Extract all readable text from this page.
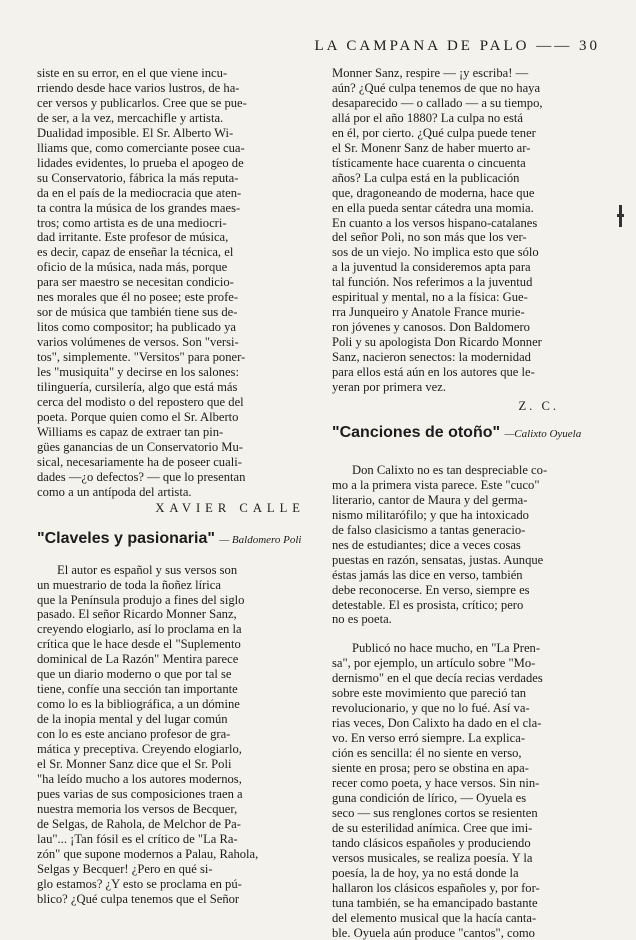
LA CAMPANA DE PALO —— 30
siste en su error, en el que viene incu-
rriendo desde hace varios lustros, de ha-
cer versos y publicarlos. Cree que se pue-
de ser, a la vez, mercachifle y artista.
Dualidad imposible. El Sr. Alberto Wi-
lliams que, como comerciante posee cua-
lidades evidentes, lo prueba el apogeo de
su Conservatorio, fábrica la más reputa-
da en el país de la mediocracia que aten-
ta contra la música de los grandes maes-
tros; como artista es de una mediocri-
dad irritante. Este profesor de música,
es decir, capaz de enseñar la técnica, el
oficio de la música, nada más, porque
para ser maestro se necesitan condicio-
nes morales que él no posee; este profe-
sor de música que también tiene sus de-
litos como compositor; ha publicado ya
varios volúmenes de versos. Son "versi-
tos", simplemente. "Versitos" para poner-
les "musiquita" y decirse en los salones:
tilinguería, cursilería, algo que está más
cerca del modisto o del repostero que del
poeta. Porque quien como el Sr. Alberto
Williams es capaz de extraer tan pin-
gües ganancias de un Conservatorio Mu-
sical, necesariamente ha de poseer cuali-
dades —¿o defectos? — que lo presentan
como a un antípoda del artista.
XAVIER CALLE
"Claveles y pasionaria" — Baldomero Poli
El autor es español y sus versos son
un muestrario de toda la ñoñez lírica
que la Península produjo a fines del siglo
pasado. El señor Ricardo Monner Sanz,
creyendo elogiarlo, así lo proclama en la
crítica que le hace desde el "Suplemento
dominical de La Razón" Mentira parece
que un diario moderno o que por tal se
tiene, confíe una sección tan importante
como lo es la bibliográfica, a un dómine
de la inopia mental y del lugar común
con lo es este anciano profesor de gra-
mática y preceptiva. Creyendo elogiarlo,
el Sr. Monner Sanz dice que el Sr. Poli
"ha leído mucho a los autores modernos,
pues varias de sus composiciones traen a
nuestra memoria los versos de Becquer,
de Selgas, de Rahola, de Melchor de Pa-
lau"... ¡Tan fósil es el crítico de "La Ra-
zón" que supone modernos a Palau, Rahola,
Selgas y Becquer! ¿Pero en qué si-
glo estamos? ¿Y esto se proclama en pú-
blico? ¿Qué culpa tenemos que el Señor
Monner Sanz, respire — ¡y escriba! —
aún? ¿Qué culpa tenemos de que no haya
desaparecido — o callado — a su tiempo,
allá por el año 1880? La culpa no está
en él, por cierto. ¿Qué culpa puede tener
el Sr. Monenr Sanz de haber muerto ar-
tísticamente hace cuarenta o cincuenta
años? La culpa está en la publicación
que, dragoneando de moderna, hace que
en ella pueda sentar cátedra una momia.
En cuanto a los versos hispano-catalanes
del señor Poli, no son más que los ver-
sos de un viejo. No implica esto que sólo
a la juventud la consideremos apta para
tal función. Nos referimos a la juventud
espiritual y mental, no a la física: Gue-
rra Junqueiro y Anatole France murie-
ron jóvenes y canosos. Don Baldomero
Poli y su apologista Don Ricardo Monner
Sanz, nacieron senectos: la modernidad
para ellos está aún en los autores que le-
yeran por primera vez.
Z. C.
"Canciones de otoño" —Calixto Oyuela
Don Calixto no es tan despreciable co-
mo a la primera vista parece. Este "cuco"
literario, cantor de Maura y del germa-
nismo militarófilo; y que ha intoxicado
de falso clasicismo a tantas generacio-
nes de estudiantes; dice a veces cosas
puestas en razón, sensatas, justas. Aunque
éstas jamás las dice en verso, también
debe reconocerse. En verso, siempre es
detestable. El es prosista, crítico; pero
no es poeta.
Publicó no hace mucho, en "La Pren-
sa", por ejemplo, un artículo sobre "Mo-
dernismo" en el que decía recias verdades
sobre este movimiento que pareció tan
revolucionario, y que no lo fué. Así va-
rias veces, Don Calixto ha dado en el cla-
vo. En verso erró siempre. La explica-
ción es sencilla: él no siente en verso,
siente en prosa; pero se obstina en apa-
recer como poeta, y hace versos. Sin nin-
guna condición de lírico, — Oyuela es
seco — sus renglones cortos se resienten
de su esterilidad anímica. Cree que imi-
tando clásicos españoles y produciendo
versos musicales, se realiza poesía. Y la
poesía, la de hoy, ya no está donde la
hallaron los clásicos españoles y, por for-
tuna también, se ha emancipado bastante
del elemento musical que la hacía canta-
ble. Oyuela aún produce "cantos", como
